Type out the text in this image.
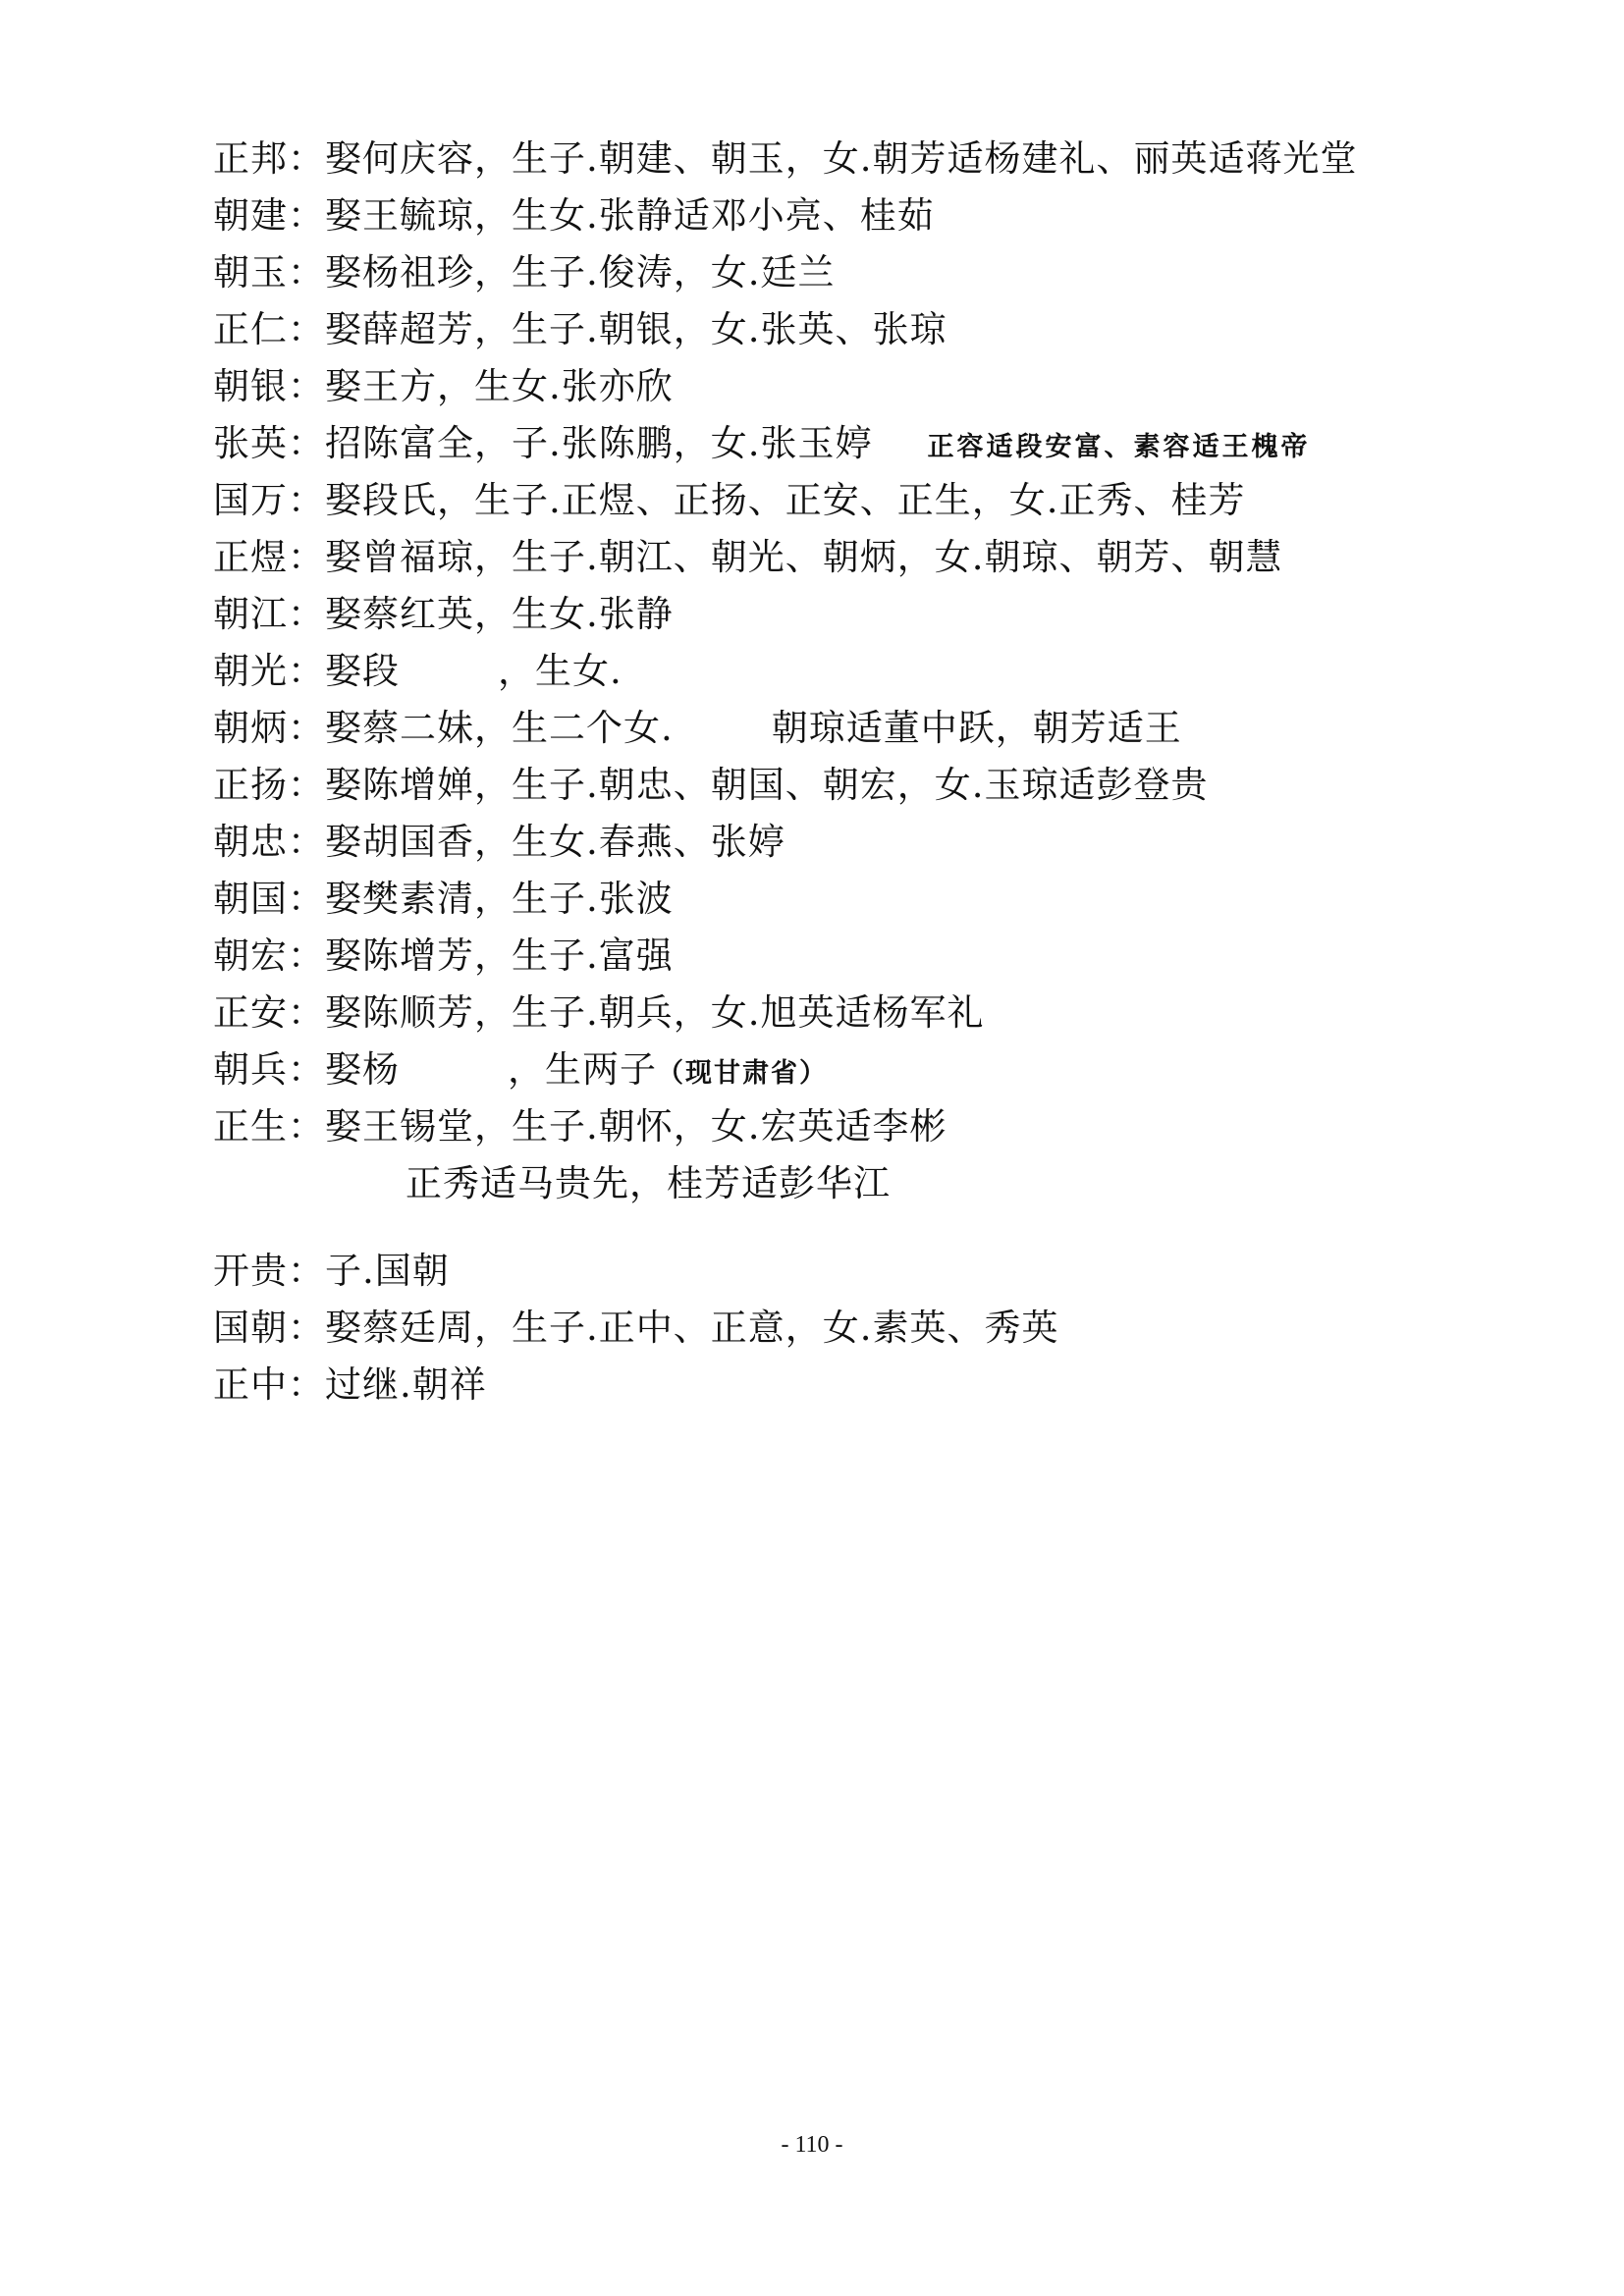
正邦：娶何庆容，生子.朝建、朝玉，女.朝芳适杨建礼、丽英适蒋光堂
朝建：娶王毓琼，生女.张静适邓小亮、桂茹
朝玉：娶杨祖珍，生子.俊涛，女.廷兰
正仁：娶薛超芳，生子.朝银，女.张英、张琼
朝银：娶王方，生女.张亦欣
张英：招陈富全，子.张陈鹏，女.张玉婷 正容适段安富、素容适王槐帝
国万：娶段氏，生子.正煜、正扬、正安、正生，女.正秀、桂芳
正煜：娶曾福琼，生子.朝江、朝光、朝炳，女.朝琼、朝芳、朝慧
朝江：娶蔡红英，生女.张静
朝光：娶段	，生女.
朝炳：娶蔡二妹，生二个女.	朝琼适董中跃，朝芳适王
正扬：娶陈增婵，生子.朝忠、朝国、朝宏，女.玉琼适彭登贵
朝忠：娶胡国香，生女.春燕、张婷
朝国：娶樊素清，生子.张波
朝宏：娶陈增芳，生子.富强
正安：娶陈顺芳，生子.朝兵，女.旭英适杨军礼
朝兵：娶杨	，生两子（现甘肃省）
正生：娶王锡堂，生子.朝怀，女.宏英适李彬
正秀适马贵先，桂芳适彭华江
开贵：子.国朝
国朝：娶蔡廷周，生子.正中、正意，女.素英、秀英
正中：过继.朝祥
- 110 -
